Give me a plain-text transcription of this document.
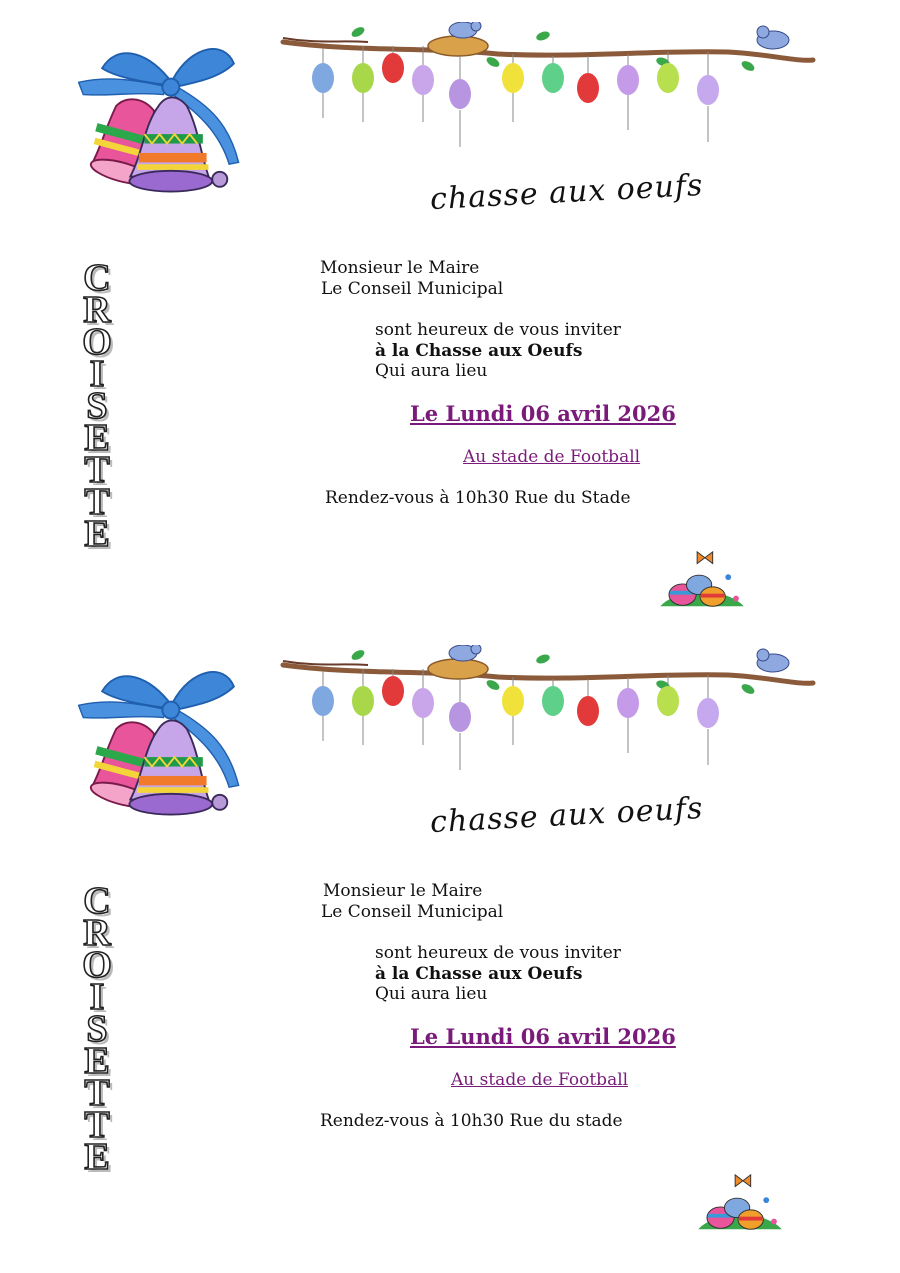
chasse aux oeufs
C
R
O
I
S
E
T
T
E
Monsieur le Maire
Le Conseil Municipal
sont heureux de vous inviter
à la Chasse aux Oeufs
Qui aura lieu
Le Lundi 06 avril 2026
Au stade de Football
Rendez-vous à 10h30 Rue du Stade
chasse aux oeufs
C
R
O
I
S
E
T
T
E
Monsieur le Maire
Le Conseil Municipal
sont heureux de vous inviter
à la Chasse aux Oeufs
Qui aura lieu
Le Lundi 06 avril 2026
Au stade de Football
Rendez-vous à 10h30 Rue du stade
